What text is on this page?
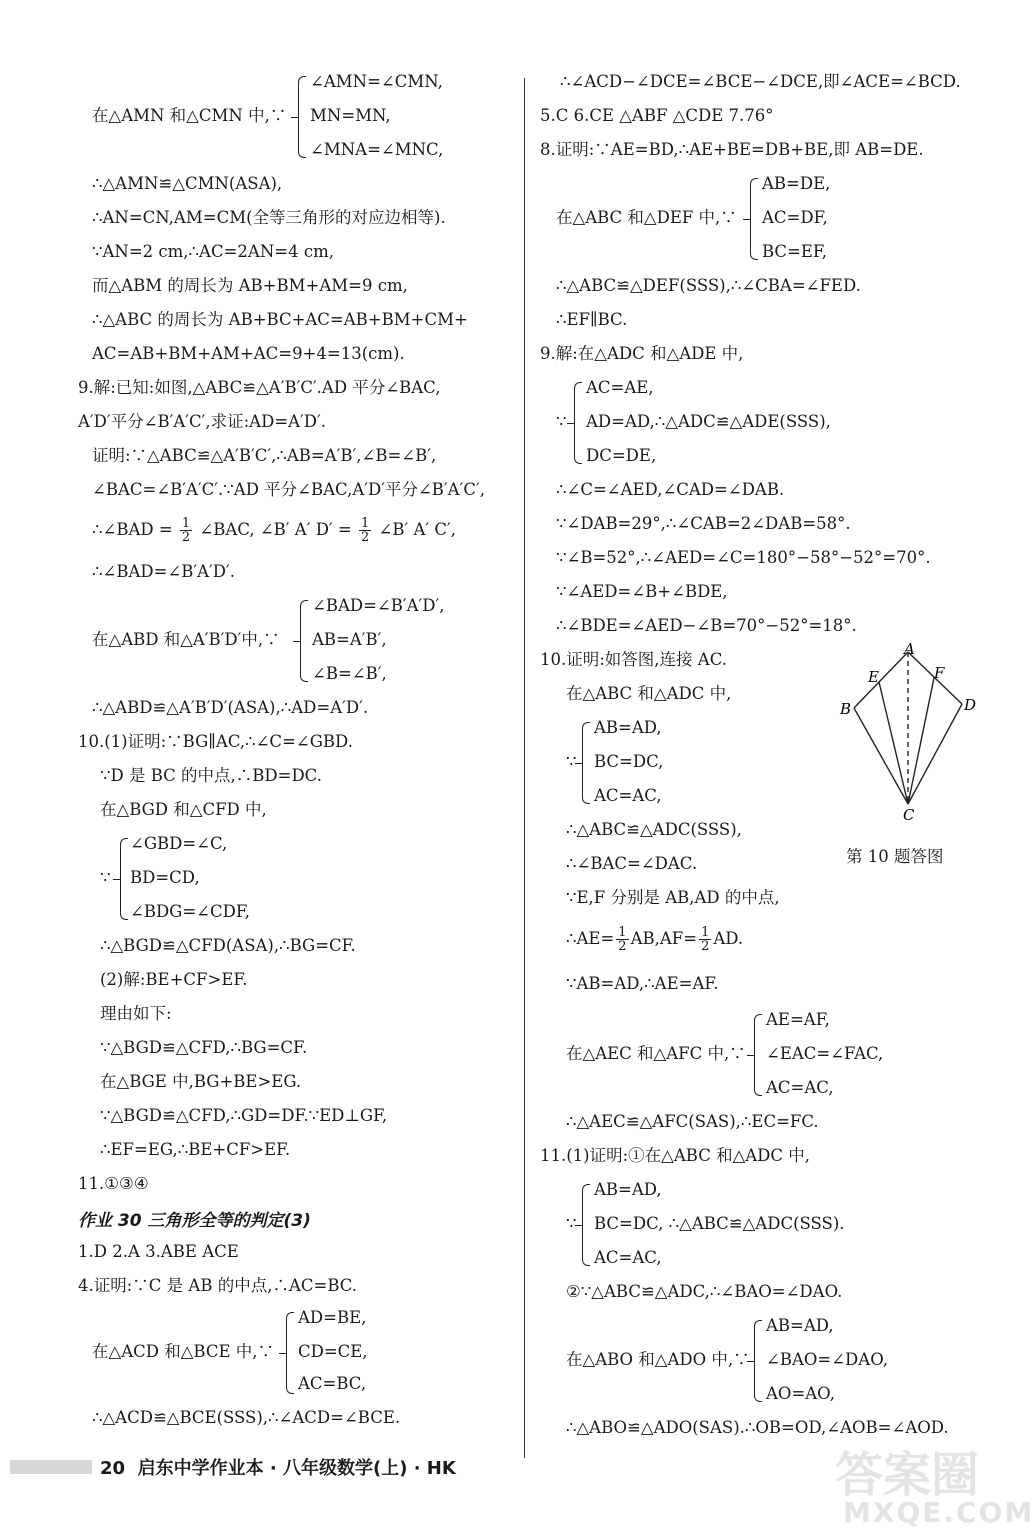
∠AMN=∠CMN,
在△AMN 和△CMN 中,∵ MN=MN,
∠MNA=∠MNC,
∴△AMN≌△CMN(ASA),
∴AN=CN,AM=CM(全等三角形的对应边相等).
∵AN=2 cm,∴AC=2AN=4 cm,
而△ABM 的周长为 AB+BM+AM=9 cm,
∴△ABC 的周长为 AB+BC+AC=AB+BM+CM+
AC=AB+BM+AM+AC=9+4=13(cm).
9.解:已知:如图,△ABC≌△A′B′C′.AD 平分∠BAC,
A′D′平分∠B′A′C′,求证:AD=A′D′.
证明:∵△ABC≌△A′B′C′,∴AB=A′B′,∠B=∠B′,
∠BAC=∠B′A′C′.∵AD 平分∠BAC,A′D′平分∠B′A′C′,
∴∠BAD = $\frac{1}{2}$ ∠BAC, ∠B′ A′ $D' = \frac{1}{2}$ ∠B′ A′ C′,
∴∠BAD=∠B′A′D′.
∠BAD=∠B′A′D′,
在△ABD 和△A′B′D′中,∵ AB=A′B′,
∠B=∠B′,
∴△ABD≌△A′B′D′(ASA),∴AD=A′D′.
10.(1)证明:∵BG∥AC,∴∠C=∠GBD.
∵D 是 BC 的中点,∴BD=DC.
在△BGD 和△CFD 中,
∠GBD=∠C,
∵ BD=CD,
∠BDG=∠CDF,
∴△BGD≌△CFD(ASA),∴BG=CF.
(2)解:BE+CF>EF.
理由如下:
∵△BGD≌△CFD,∴BG=CF.
在△BGE 中,BG+BE>EG.
∵△BGD≌△CFD,∴GD=DF.∵ED⊥GF,
∴EF=EG,∴BE+CF>EF.
11.①③④
作业 30 三角形全等的判定(3)
1.D 2.A 3.ABE ACE
4.证明:∵C 是 AB 的中点,∴AC=BC.
AD=BE,
在△ACD 和△BCE 中,∵ CD=CE,
AC=BC,
∴△ACD≌△BCE(SSS),∴∠ACD=∠BCE.
∴∠ACD−∠DCE=∠BCE−∠DCE,即∠ACE=∠BCD.
5.C 6.CE △ABF △CDE 7.76°
8.证明:∵AE=BD,∴AE+BE=DB+BE,即 AB=DE.
AB=DE,
在△ABC 和△DEF 中,∵ AC=DF,
BC=EF,
∴△ABC≌△DEF(SSS),∴∠CBA=∠FED.
∴EF∥BC.
9.解:在△ADC 和△ADE 中,
AC=AE,
∵ AD=AD,∴△ADC≌△ADE(SSS),
DC=DE,
∴∠C=∠AED,∠CAD=∠DAB.
∵∠DAB=29°,∴∠CAB=2∠DAB=58°.
∵∠B=52°,∴∠AED=∠C=180°−58°−52°=70°.
∵∠AED=∠B+∠BDE,
∴∠BDE=∠AED−∠B=70°−52°=18°.
10.证明:如答图,连接 AC.
在△ABC 和△ADC 中,
AB=AD,
∵ BC=DC,
AC=AC,
∴△ABC≌△ADC(SSS),
∴∠BAC=∠DAC.
∵E,F 分别是 AB,AD 的中点,
∴AE= $\frac{1}{2} AB,AF= \frac{1}{2}$ AD.
∵AB=AD,∴AE=AF.
AE=AF,
在△AEC 和△AFC 中,∵ ∠EAC=∠FAC,
AC=AC,
∴△AEC≌△AFC(SAS),∴EC=FC.
11.(1)证明:①在△ABC 和△ADC 中,
AB=AD,
∵ BC=DC, ∴△ABC≌△ADC(SSS).
AC=AC,
②∵△ABC≌△ADC,∴∠BAO=∠DAO.
AB=AD,
在△ABO 和△ADO 中,∵ ∠BAO=∠DAO,
AO=AO,
∴△ABO≌△ADO(SAS).∴OB=OD,∠AOB=∠AOD.
A
B
C
D
E	F
第 10 题答图
20 启东中学作业本 · 八年级数学(上) · HK	答案圈
MXQE.COM
